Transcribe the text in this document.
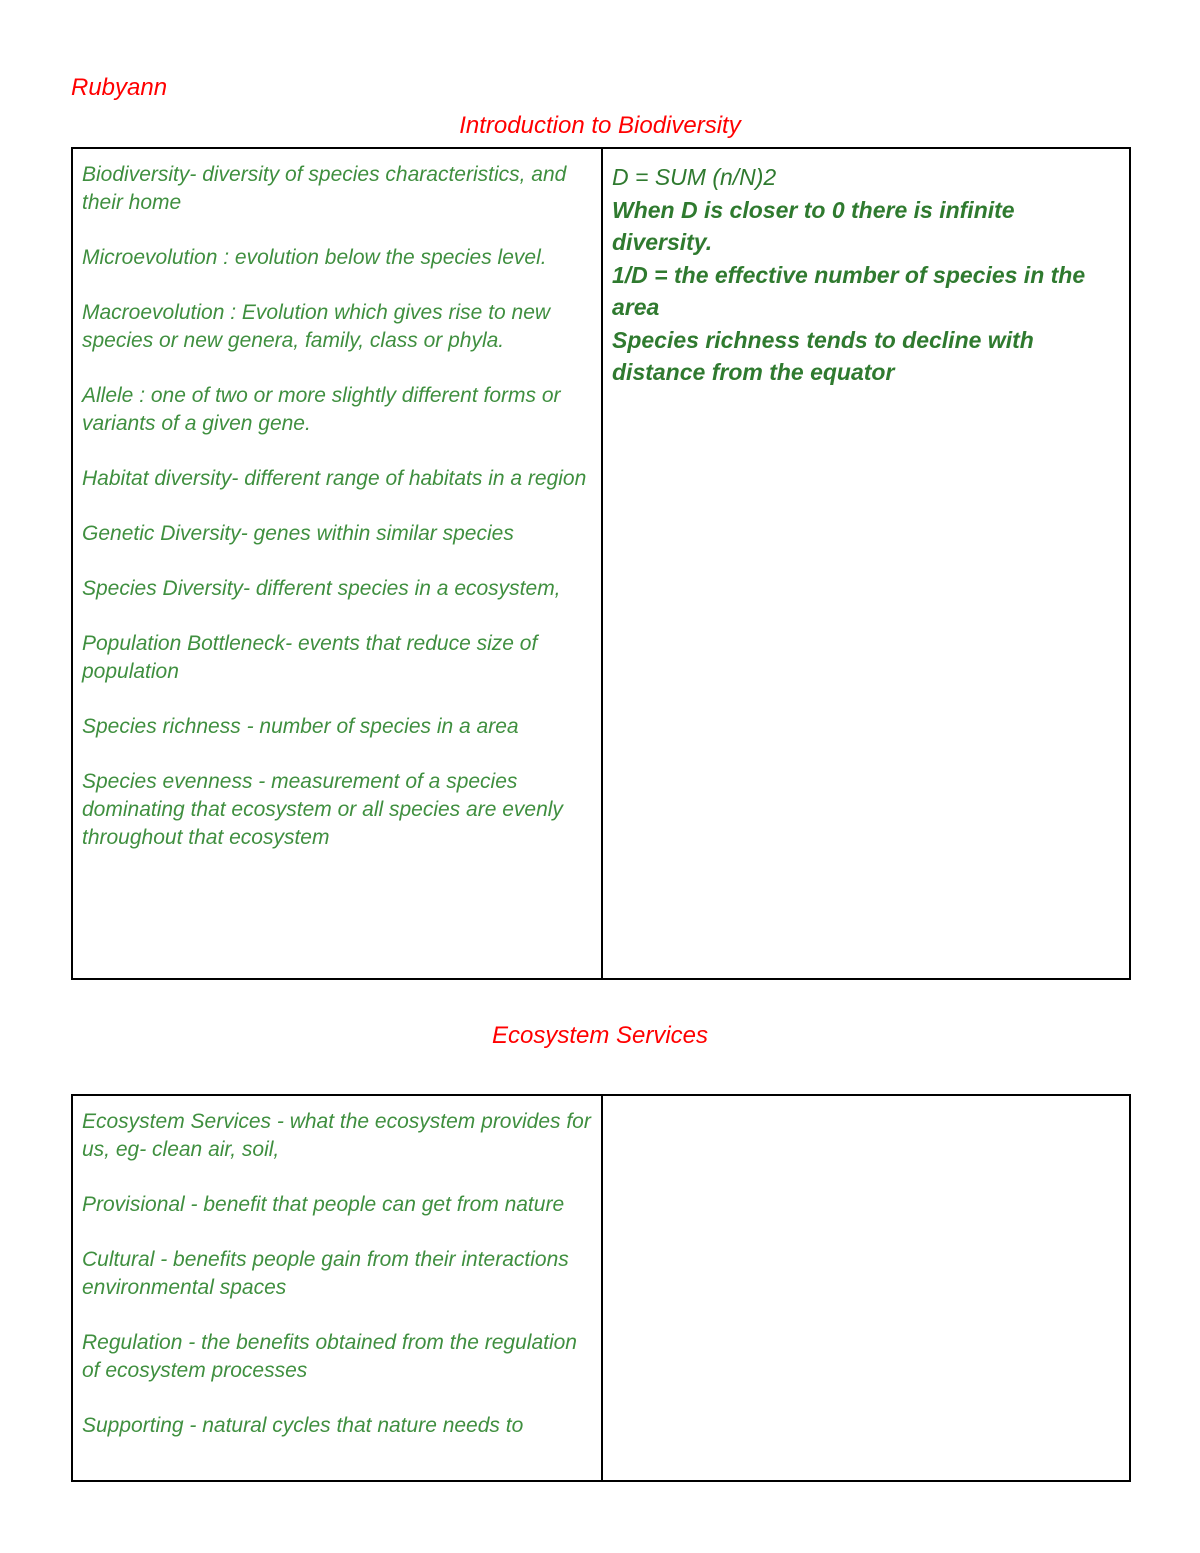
Rubyann
Introduction to Biodiversity

Biodiversity- diversity of species characteristics, and their home

Microevolution : evolution below the species level.

Macroevolution : Evolution which gives rise to new species or new genera, family, class or phyla.

Allele : one of two or more slightly different forms or variants of a given gene.

Habitat diversity- different range of habitats in a region

Genetic Diversity- genes within similar species

Species Diversity- different species in a ecosystem,

Population Bottleneck- events that reduce size of population

Species richness - number of species in a area

Species evenness - measurement of a species dominating that ecosystem or all species are evenly throughout that ecosystem

D = SUM (n/N)2

When D is closer to 0 there is infinite diversity.

1/D = the effective number of species in the area

Species richness tends to decline with distance from the equator

Ecosystem Services

Ecosystem Services - what the ecosystem provides for us, eg- clean air, soil,

Provisional - benefit that people can get from nature

Cultural - benefits people gain from their interactions environmental spaces

Regulation - the benefits obtained from the regulation of ecosystem processes

Supporting - natural cycles that nature needs to
